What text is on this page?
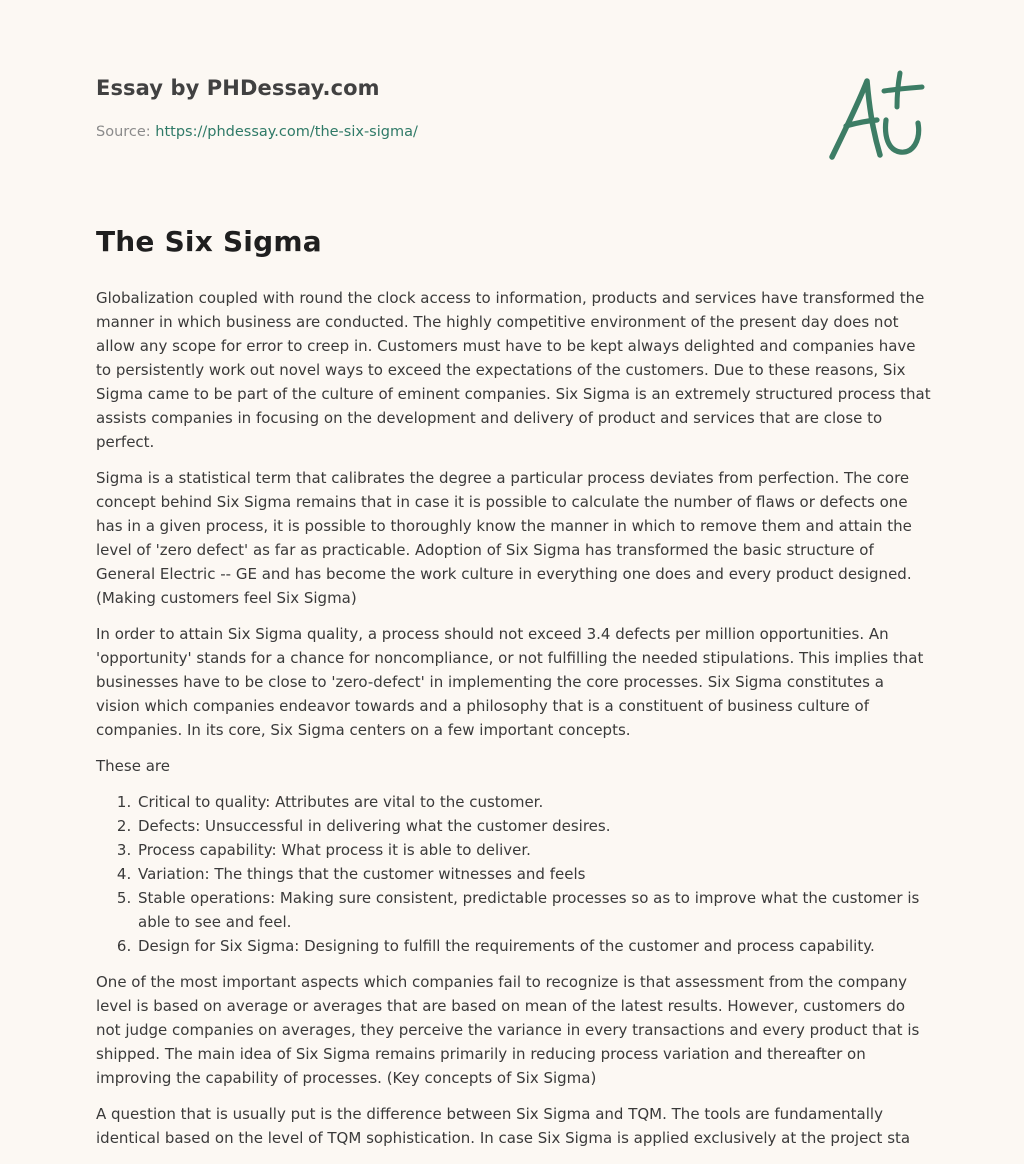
Essay by PHDessay.com
Source: https://phdessay.com/the-six-sigma/
The Six Sigma

Globalization coupled with round the clock access to information, products and services have transformed the manner in which business are conducted. The highly competitive environment of the present day does not allow any scope for error to creep in. Customers must have to be kept always delighted and companies have to persistently work out novel ways to exceed the expectations of the customers. Due to these reasons, Six Sigma came to be part of the culture of eminent companies. Six Sigma is an extremely structured process that assists companies in focusing on the development and delivery of product and services that are close to perfect.

Sigma is a statistical term that calibrates the degree a particular process deviates from perfection. The core concept behind Six Sigma remains that in case it is possible to calculate the number of flaws or defects one has in a given process, it is possible to thoroughly know the manner in which to remove them and attain the level of 'zero defect' as far as practicable. Adoption of Six Sigma has transformed the basic structure of General Electric -- GE and has become the work culture in everything one does and every product designed. (Making customers feel Six Sigma)

In order to attain Six Sigma quality, a process should not exceed 3.4 defects per million opportunities. An 'opportunity' stands for a chance for noncompliance, or not fulfilling the needed stipulations. This implies that businesses have to be close to 'zero-defect' in implementing the core processes. Six Sigma constitutes a vision which companies endeavor towards and a philosophy that is a constituent of business culture of companies. In its core, Six Sigma centers on a few important concepts.

These are

1. Critical to quality: Attributes are vital to the customer.
2. Defects: Unsuccessful in delivering what the customer desires.
3. Process capability: What process it is able to deliver.
4. Variation: The things that the customer witnesses and feels
5. Stable operations: Making sure consistent, predictable processes so as to improve what the customer is able to see and feel.
6. Design for Six Sigma: Designing to fulfill the requirements of the customer and process capability.

One of the most important aspects which companies fail to recognize is that assessment from the company level is based on average or averages that are based on mean of the latest results. However, customers do not judge companies on averages, they perceive the variance in every transactions and every product that is shipped. The main idea of Six Sigma remains primarily in reducing process variation and thereafter on improving the capability of processes. (Key concepts of Six Sigma)

A question that is usually put is the difference between Six Sigma and TQM. The tools are fundamentally identical based on the level of TQM sophistication. In case Six Sigma is applied exclusively at the project sta
